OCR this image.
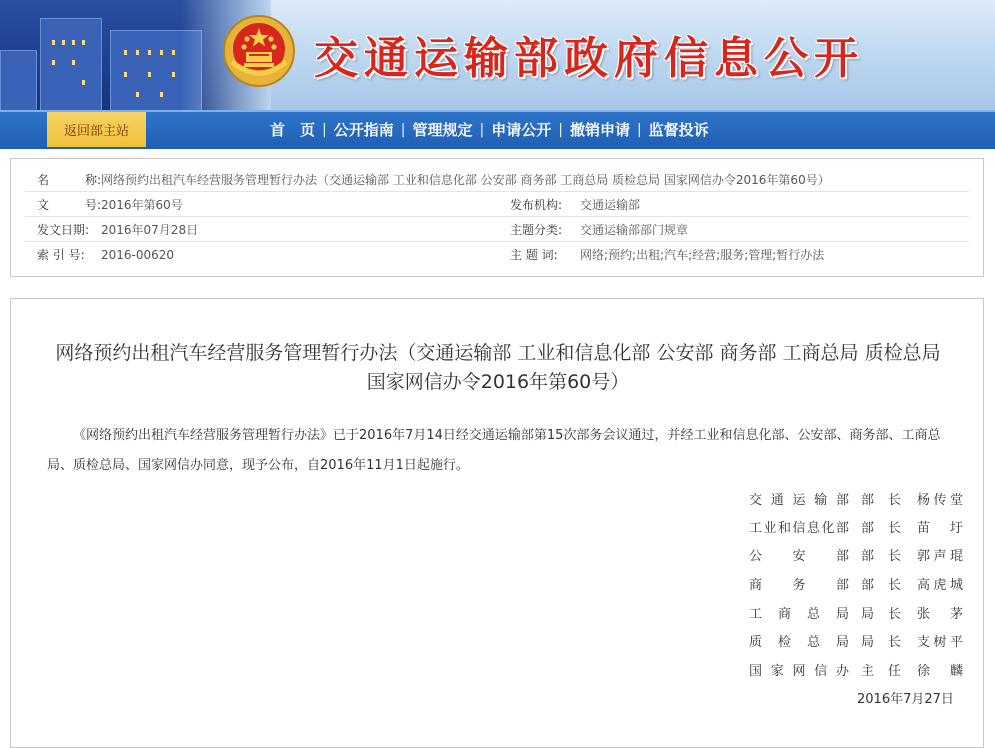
交通运输部政府信息公开
返回部主站	首　页 | 公开指南 | 管理规定 | 申请公开 | 撤销申请 | 监督投诉
名　　　称: 网络预约出租汽车经营服务管理暂行办法（交通运输部 工业和信息化部 公安部 商务部 工商总局 质检总局 国家网信办令2016年第60号）
文　　　号: 2016年第60号	发布机构: 交通运输部
发文日期: 2016年07月28日	主题分类: 交通运输部部门规章
索 引 号: 2016-00620	主 题 词: 网络;预约;出租;汽车;经营;服务;管理;暂行办法
网络预约出租汽车经营服务管理暂行办法（交通运输部 工业和信息化部 公安部 商务部 工商总局 质检总局 国家网信办令2016年第60号）
《网络预约出租汽车经营服务管理暂行办法》已于2016年7月14日经交通运输部第15次部务会议通过，并经工业和信息化部、公安部、商务部、工商总局、质检总局、国家网信办同意，现予公布，自2016年11月1日起施行。
交通运输部 部长 杨传堂
工业和信息化部 部长 苗圩
公安部 部长 郭声琨
商务部 部长 高虎城
工商总局 局长 张茅
质检总局 局长 支树平
国家网信办 主任 徐麟
2016年7月27日
